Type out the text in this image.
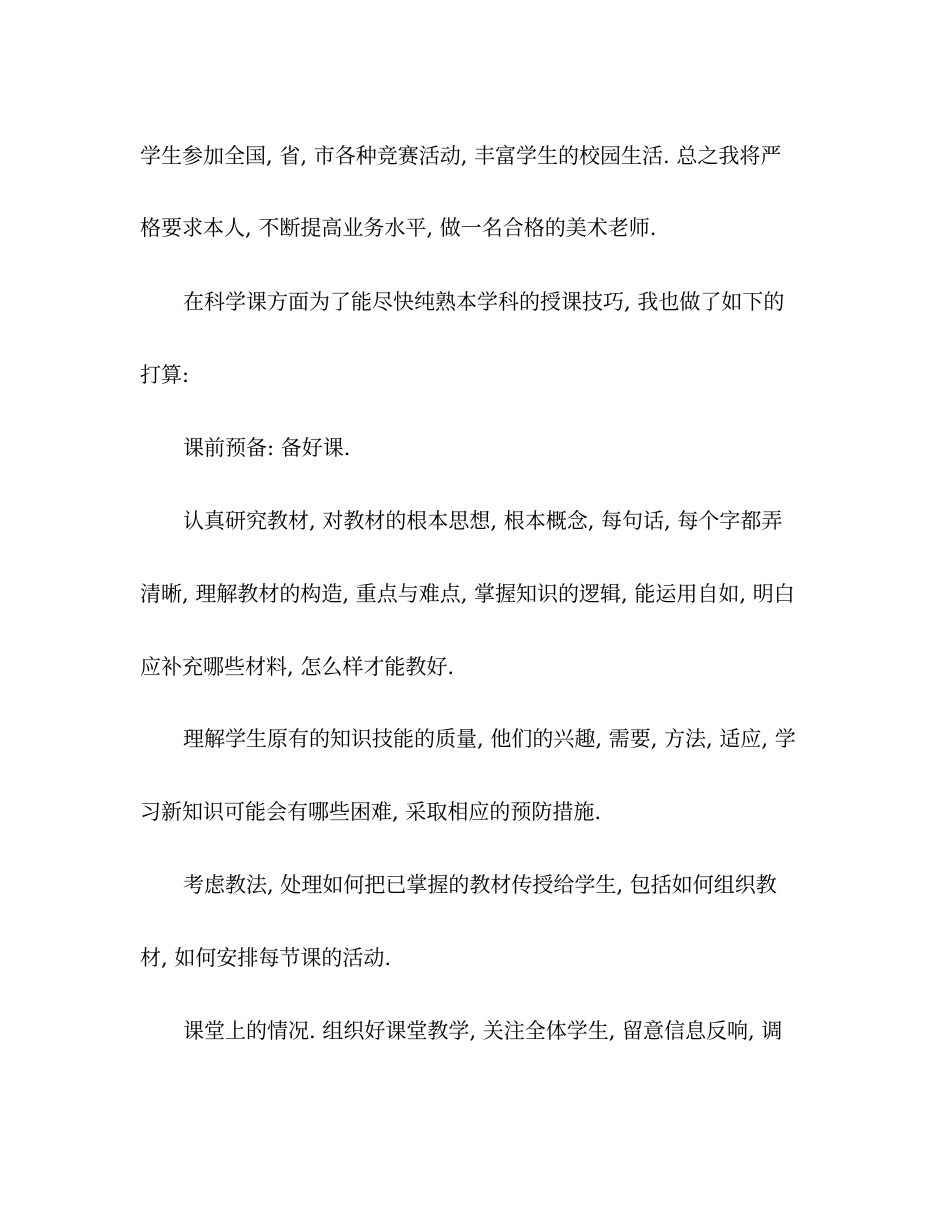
学生参加全国, 省, 市各种竞赛活动, 丰富学生的校园生活. 总之我将严
格要求本人, 不断提高业务水平, 做一名合格的美术老师.
在科学课方面为了能尽快纯熟本学科的授课技巧, 我也做了如下的
打算:
课前预备: 备好课.
认真研究教材, 对教材的根本思想, 根本概念, 每句话, 每个字都弄
清晰, 理解教材的构造, 重点与难点, 掌握知识的逻辑, 能运用自如, 明白
应补充哪些材料, 怎么样才能教好.
理解学生原有的知识技能的质量, 他们的兴趣, 需要, 方法, 适应, 学
习新知识可能会有哪些困难, 采取相应的预防措施.
考虑教法, 处理如何把已掌握的教材传授给学生, 包括如何组织教
材, 如何安排每节课的活动.
课堂上的情况. 组织好课堂教学, 关注全体学生, 留意信息反响, 调
